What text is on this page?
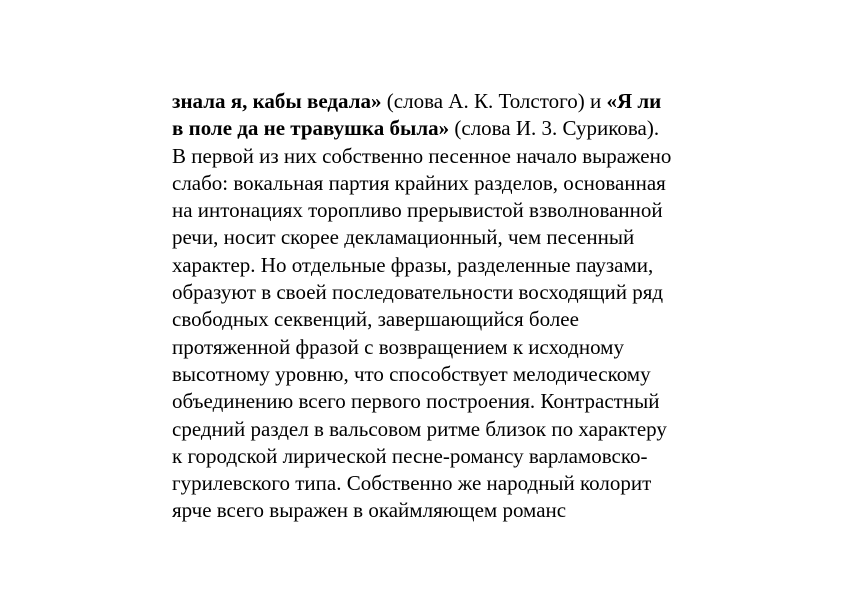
знала я, кабы ведала» (слова А. К. Толстого) и «Я ли
в поле да не травушка была» (слова И. 3. Сурикова).
В первой из них собственно песенное начало выражено
слабо: вокальная партия крайних разделов, основанная
на интонациях торопливо прерывистой взволнованной
речи, носит скорее декламационный, чем песенный
характер. Но отдельные фразы, разделенные паузами,
образуют в своей последовательности восходящий ряд
свободных секвенций, завершающийся более
протяженной фразой с возвращением к исходному
высотному уровню, что способствует мелодическому
объединению всего первого построения. Контрастный
средний раздел в вальсовом ритме близок по характеру
к городской лирической песне-романсу варламовско-
гурилевского типа. Собственно же народный колорит
ярче всего выражен в окаймляющем романс
